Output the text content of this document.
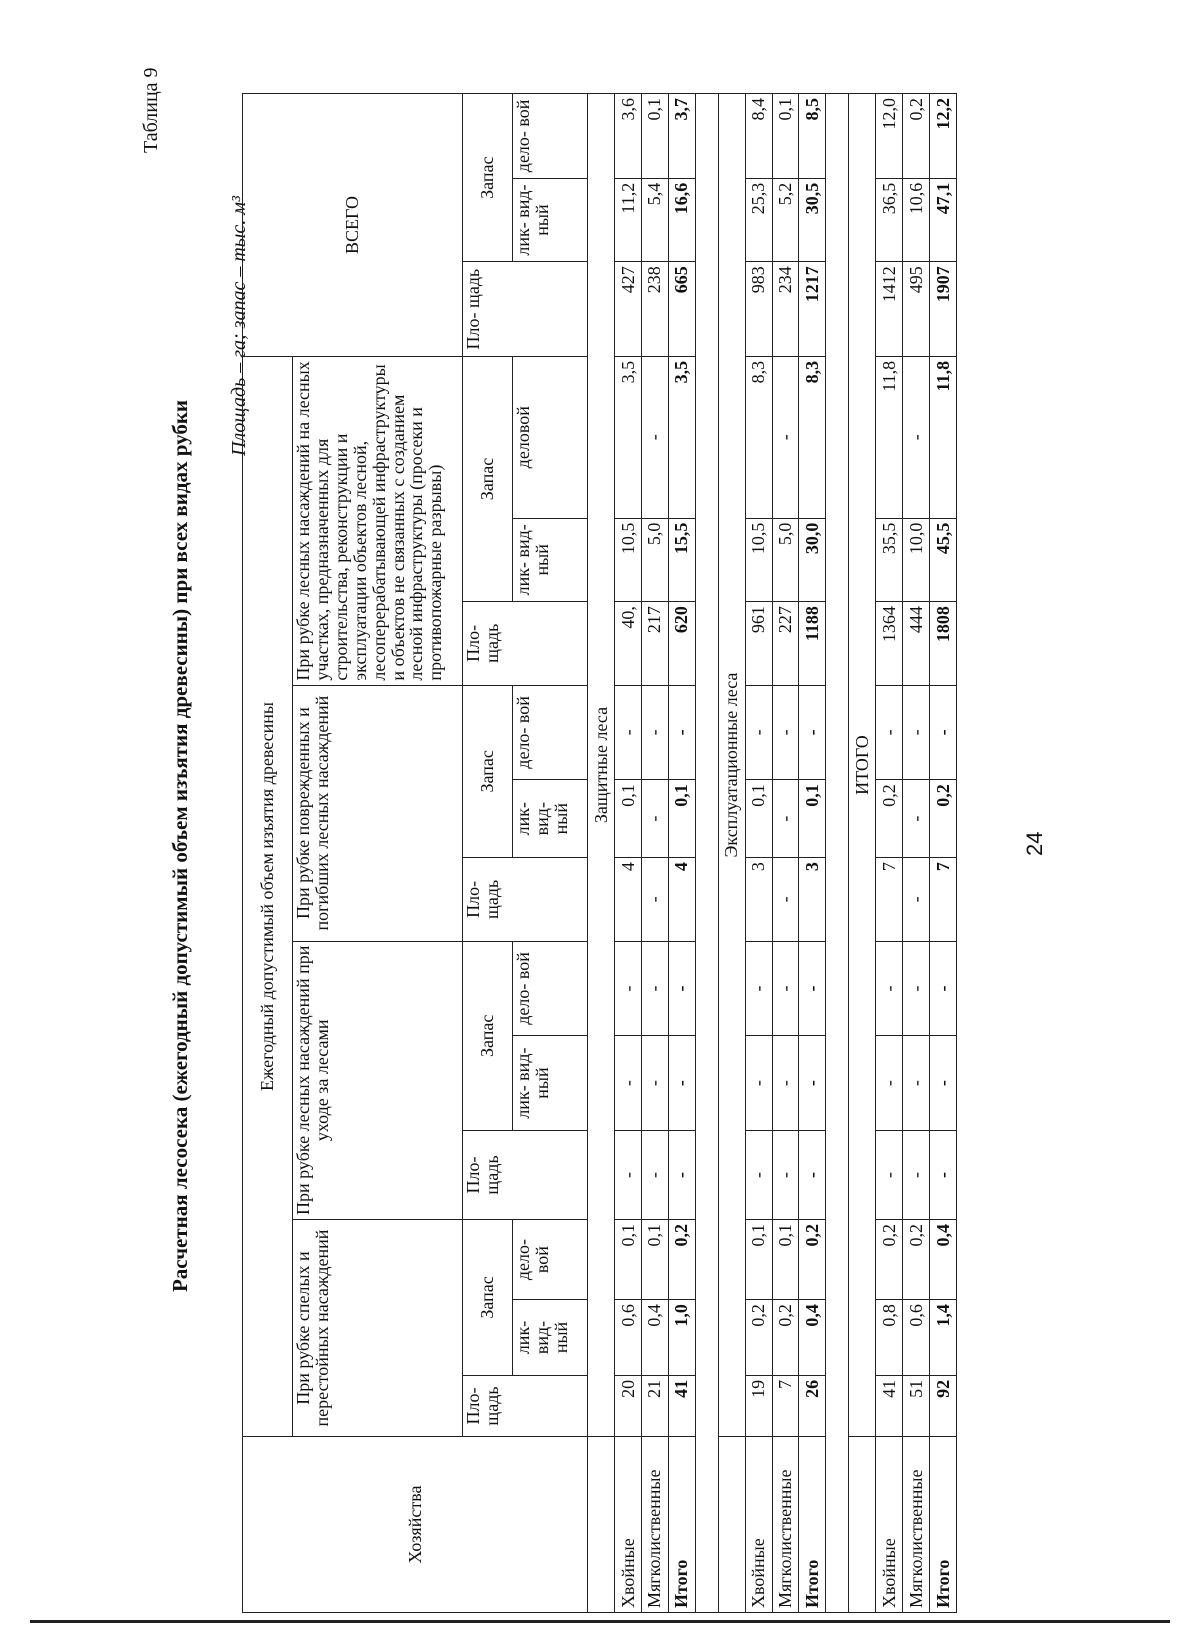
Таблица 9
Расчетная лесосека (ежегодный допустимый объем изъятия древесины) при всех видах рубки
Площадь – га; запас – тыс. м³
Хозяйства	Ежегодный допустимый объем изъятия древесины												ВСЕГО		
	При рубке спелых и перестойных насаждений			При рубке лесных насаждений при уходе за лесами			При рубке поврежденных и погибших лесных насаждений			При рубке лесных насаждений на лесных участках, предназначенных для строительства, реконструкции и эксплуатации объектов лесной, лесоперерабатывающей инфраструктуры и объектов не связанных с созданием лесной инфраструктуры (просеки и противопожарные разрывы)					
	Пло- щадь	Запас		Пло- щадь	Запас		Пло- щадь	Запас		Пло- щадь	Запас		Пло- щадь	Запас	
		лик- вид- ный	дело- вой		лик- вид- ный	дело- вой		лик- вид- ный	дело- вой		лик- вид- ный	деловой		лик- вид- ный	дело- вой
	Защитные леса														
Хвойные	20	0,6	0,1	-	-	-	4	0,1	-	40,	10,5	3,5	427	11,2	3,6
Мягколиственные	21	0,4	0,1	-	-	-	-	-	-	217	5,0	-	238	5,4	0,1
Итого	41	1,0	0,2	-	-	-	4	0,1	-	620	15,5	3,5	665	16,6	3,7

	Эксплуатационные леса														
Хвойные	19	0,2	0,1	-	-	-	3	0,1	-	961	10,5	8,3	983	25,3	8,4
Мягколиственные	7	0,2	0,1	-	-	-	-	-	-	227	5,0	-	234	5,2	0,1
Итого	26	0,4	0,2	-	-	-	3	0,1	-	1188	30,0	8,3	1217	30,5	8,5

	ИТОГО														
Хвойные	41	0,8	0,2	-	-	-	7	0,2	-	1364	35,5	11,8	1412	36,5	12,0
Мягколиственные	51	0,6	0,2	-	-	-	-	-	-	444	10,0	-	495	10,6	0,2
Итого	92	1,4	0,4	-	-	-	7	0,2	-	1808	45,5	11,8	1907	47,1	12,2
24
